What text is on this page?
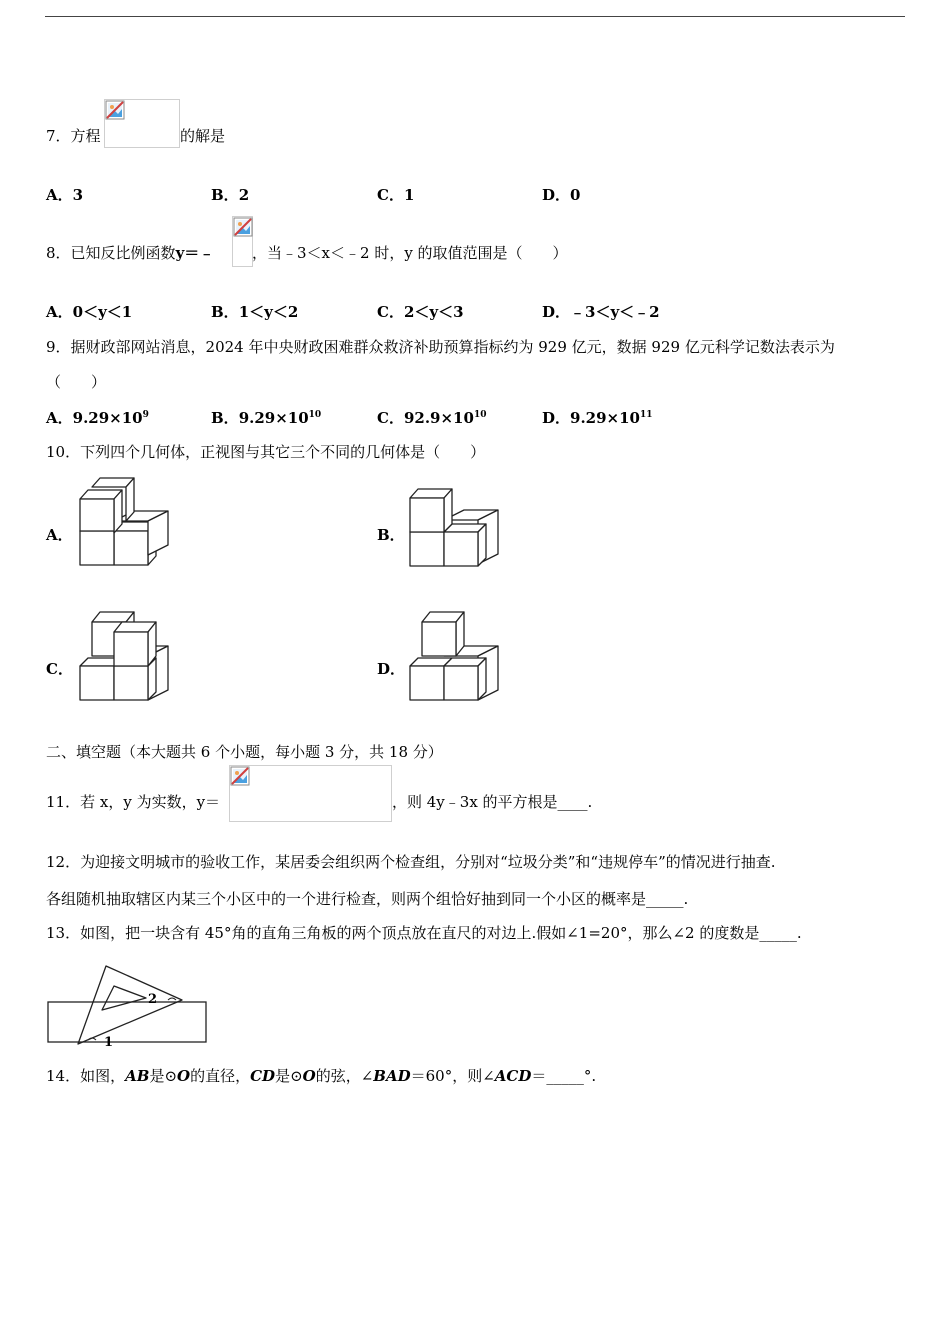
7．方程	的解是
A．3	B．2	C．1	D．0
8．已知反比例函数y＝﹣	，当﹣3＜x＜﹣2 时，y 的取值范围是（　　）
A．0＜y＜1	B．1＜y＜2	C．2＜y＜3	D．﹣3＜y＜﹣2
9．据财政部网站消息，2024 年中央财政困难群众救济补助预算指标约为 929 亿元，数据 929 亿元科学记数法表示为
（　　）
A．$9.29\times 10^9$	B．$9.29\times 10^{10}$	C．$92.9\times 10^{10}$	D．$9.29\times 10^{11}$
10．下列四个几何体，正视图与其它三个不同的几何体是（　　）
A．	B．
C．	D．
二、填空题（本大题共 6 个小题，每小题 3 分，共 18 分）
11．若 x，y 为实数，y＝	，则 4y﹣3x 的平方根是____.
12．为迎接文明城市的验收工作，某居委会组织两个检查组，分别对“垃圾分类”和“违规停车”的情况进行抽查.
各组随机抽取辖区内某三个小区中的一个进行检查，则两个组恰好抽到同一个小区的概率是_____.
13．如图，把一块含有 45°角的直角三角板的两个顶点放在直尺的对边上.假如∠1=20°，那么∠2 的度数是_____.
1
2
14．如图，AB是⊙O的直径，CD是⊙O的弦，∠BAD＝60°，则∠ACD＝_____°.
